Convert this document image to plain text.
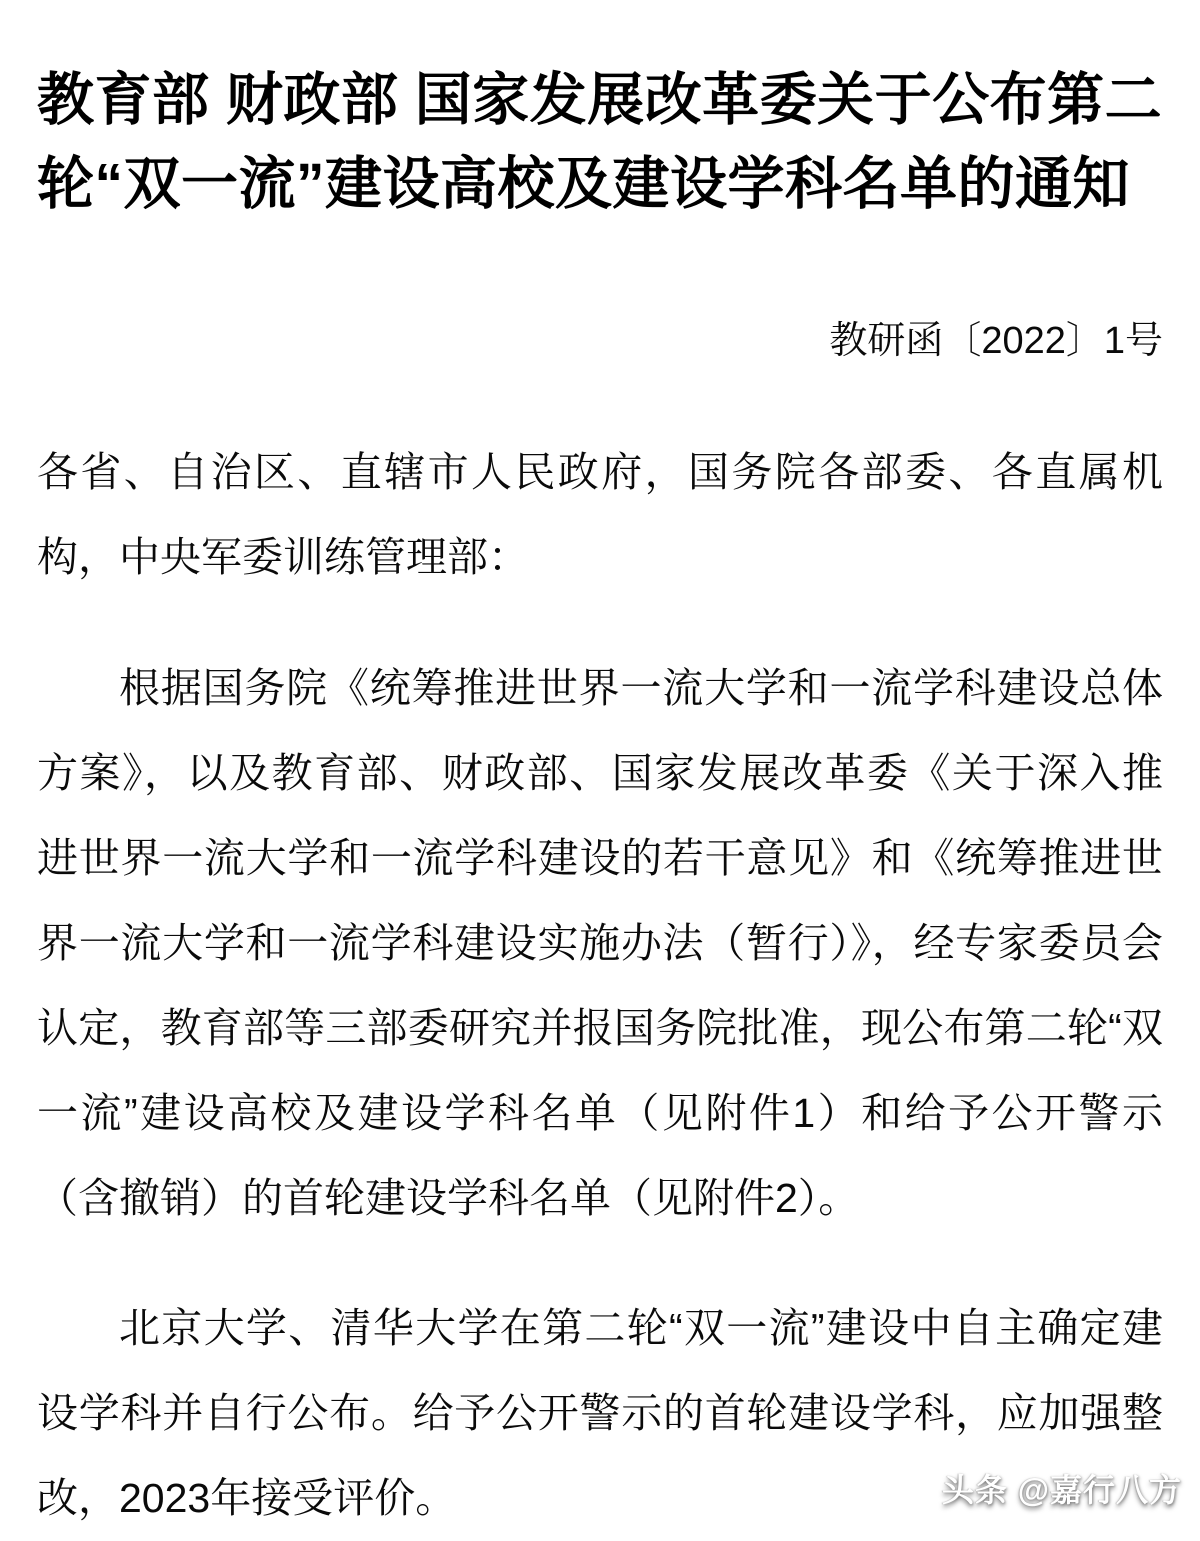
教育部 财政部 国家发展改革委关于公布第二
轮“双一流”建设高校及建设学科名单的通知
教研函〔2022〕1号
各省、自治区、直辖市人民政府，国务院各部委、各直属机构，中央军委训练管理部：
根据国务院《统筹推进世界一流大学和一流学科建设总体方案》，以及教育部、财政部、国家发展改革委《关于深入推进世界一流大学和一流学科建设的若干意见》和《统筹推进世界一流大学和一流学科建设实施办法（暂行）》，经专家委员会认定，教育部等三部委研究并报国务院批准，现公布第二轮“双一流”建设高校及建设学科名单（见附件1）和给予公开警示（含撤销）的首轮建设学科名单（见附件2）。
北京大学、清华大学在第二轮“双一流”建设中自主确定建设学科并自行公布。给予公开警示的首轮建设学科，应加强整改，2023年接受评价。	头条 @嘉行八方
